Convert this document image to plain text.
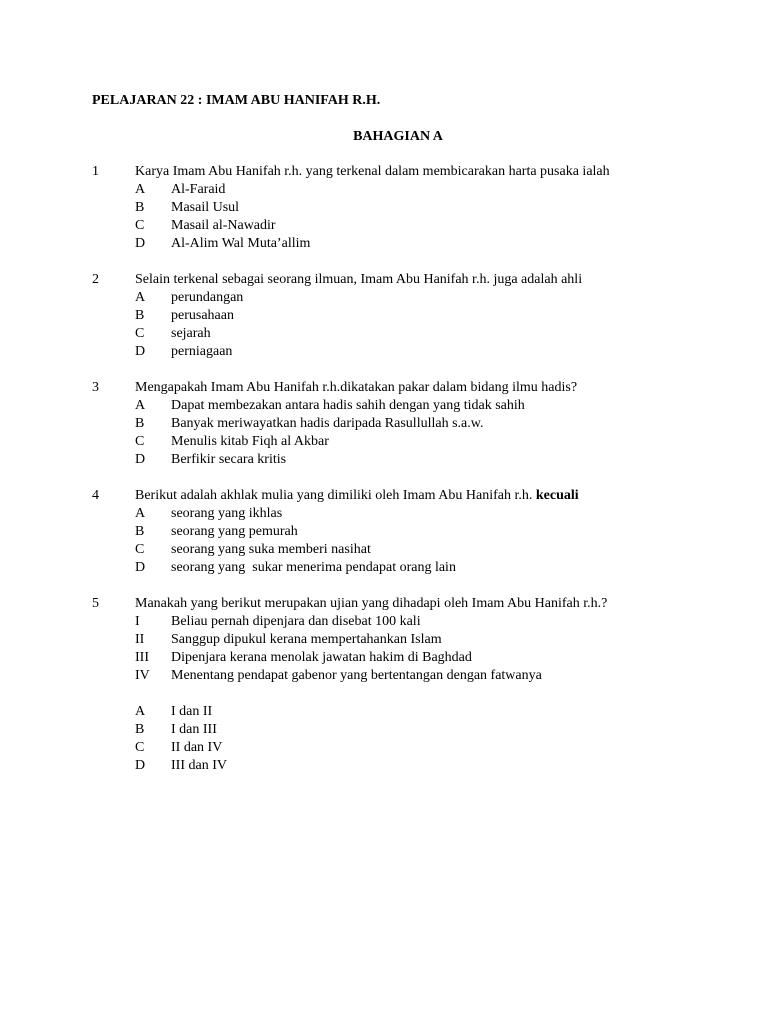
PELAJARAN 22 : IMAM ABU HANIFAH R.H.
BAHAGIAN A
1	Karya Imam Abu Hanifah r.h. yang terkenal dalam membicarakan harta pusaka ialah
A	Al-Faraid
B	Masail Usul
C	Masail al-Nawadir
D	Al-Alim Wal Muta’allim
2	Selain terkenal sebagai seorang ilmuan, Imam Abu Hanifah r.h. juga adalah ahli
A	perundangan
B	perusahaan
C	sejarah
D	perniagaan
3	Mengapakah Imam Abu Hanifah r.h.dikatakan pakar dalam bidang ilmu hadis?
A	Dapat membezakan antara hadis sahih dengan yang tidak sahih
B	Banyak meriwayatkan hadis daripada Rasullullah s.a.w.
C	Menulis kitab Fiqh al Akbar
D	Berfikir secara kritis
4	Berikut adalah akhlak mulia yang dimiliki oleh Imam Abu Hanifah r.h. kecuali
A	seorang yang ikhlas
B	seorang yang pemurah
C	seorang yang suka memberi nasihat
D	seorang yang  sukar menerima pendapat orang lain
5	Manakah yang berikut merupakan ujian yang dihadapi oleh Imam Abu Hanifah r.h.?
I	Beliau pernah dipenjara dan disebat 100 kali
II	Sanggup dipukul kerana mempertahankan Islam
III	Dipenjara kerana menolak jawatan hakim di Baghdad
IV	Menentang pendapat gabenor yang bertentangan dengan fatwanya
A	I dan II
B	I dan III
C	II dan IV
D	III dan IV
